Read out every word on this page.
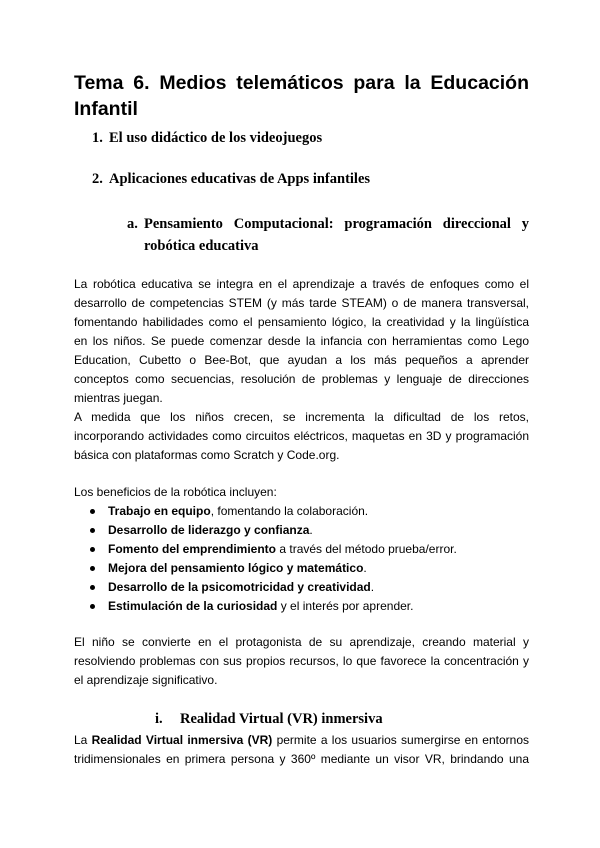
Tema 6. Medios telemáticos para la Educación
Infantil
1. El uso didáctico de los videojuegos
2. Aplicaciones educativas de Apps infantiles
a. Pensamiento Computacional: programación direccional y
robótica educativa
La robótica educativa se integra en el aprendizaje a través de enfoques como el
desarrollo de competencias STEM (y más tarde STEAM) o de manera transversal,
fomentando habilidades como el pensamiento lógico, la creatividad y la lingüística
en los niños. Se puede comenzar desde la infancia con herramientas como Lego
Education, Cubetto o Bee-Bot, que ayudan a los más pequeños a aprender
conceptos como secuencias, resolución de problemas y lenguaje de direcciones
mientras juegan.
A medida que los niños crecen, se incrementa la dificultad de los retos,
incorporando actividades como circuitos eléctricos, maquetas en 3D y programación
básica con plataformas como Scratch y Code.org.
Los beneficios de la robótica incluyen:
Trabajo en equipo, fomentando la colaboración.
Desarrollo de liderazgo y confianza.
Fomento del emprendimiento a través del método prueba/error.
Mejora del pensamiento lógico y matemático.
Desarrollo de la psicomotricidad y creatividad.
Estimulación de la curiosidad y el interés por aprender.
El niño se convierte en el protagonista de su aprendizaje, creando material y
resolviendo problemas con sus propios recursos, lo que favorece la concentración y
el aprendizaje significativo.
i. Realidad Virtual (VR) inmersiva
La Realidad Virtual inmersiva (VR) permite a los usuarios sumergirse en entornos
tridimensionales en primera persona y 360º mediante un visor VR, brindando una
